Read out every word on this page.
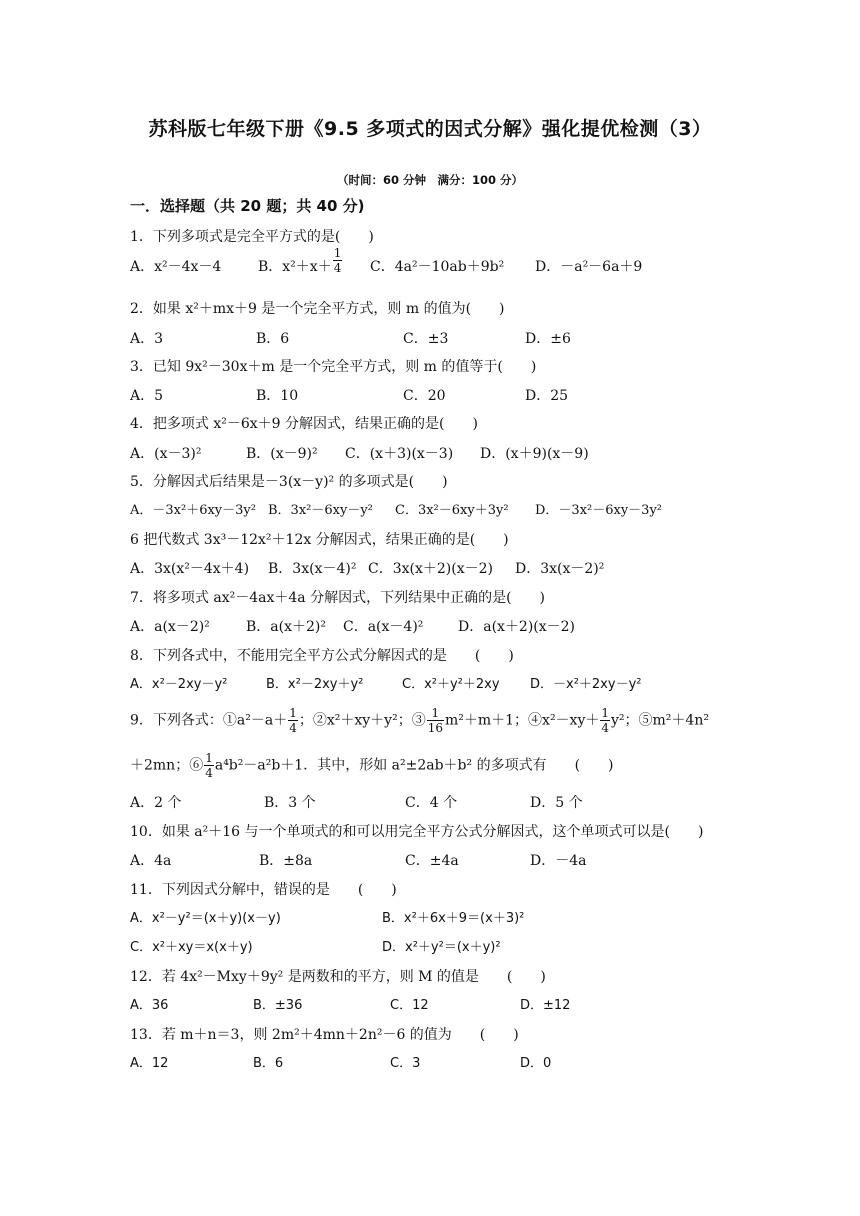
苏科版七年级下册《9.5 多项式的因式分解》强化提优检测（3）
（时间：60 分钟　满分：100 分）
一．选择题（共 20 题；共 40 分)
1．下列多项式是完全平方式的是(　　)
A．x²－4x－4	B．$x^2+x+ \frac{1}{4}$ C．4a²－10ab＋9b² D．－a²－6a＋9
2．如果 x²＋mx＋9 是一个完全平方式，则 m 的值为(　　)
A．3	B．6	C．±3	D．±6
3．已知 9x²－30x＋m 是一个完全平方式，则 m 的值等于(　　)
A．5	B．10	C．20	D．25
4．把多项式 x²－6x＋9 分解因式，结果正确的是(　　)
A．(x－3)²	B．(x－9)² C．(x＋3)(x－3) D．(x＋9)(x－9)
5．分解因式后结果是－3(x－y)² 的多项式是(　　)
A．－3x²＋6xy－3y² B．3x²－6xy－y² C．3x²－6xy＋3y² D．－3x²－6xy－3y²
6 把代数式 3x³－12x²＋12x 分解因式，结果正确的是(　　)
A．3x(x²－4x＋4) B．3x(x－4)² C．3x(x＋2)(x－2) D．3x(x－2)²
7．将多项式 ax²－4ax＋4a 分解因式，下列结果中正确的是(　　)
A．a(x－2)²	B．a(x＋2)² C．a(x－4)² D．a(x＋2)(x－2)
8．下列各式中，不能用完全平方公式分解因式的是　　(　　)
A．x²－2xy－y²	B．x²－2xy＋y²	C．x²＋y²＋2xy D．－x²＋2xy－y²
9．下列各式：①a²－a＋ $\frac{1}{4}$ ；②x²＋xy＋y²；③ $\frac{1}{16} m^2+m+1$；④x²－xy＋ $\frac{1}{4} y^2$；⑤m²＋4n²
＋2mn；⑥ $\frac{1}{4} a^4b^2-a^2b+1$．其中，形如 a²±2ab＋b² 的多项式有　　(　　)
A．2 个	B．3 个	C．4 个	D．5 个
10．如果 a²＋16 与一个单项式的和可以用完全平方公式分解因式，这个单项式可以是(　　)
A．4a	B．±8a	C．±4a	D．－4a
11．下列因式分解中，错误的是　　(　　)
A．x²－y²＝(x＋y)(x－y)	B．x²＋6x＋9＝(x＋3)²
C．x²＋xy＝x(x＋y)	D．x²＋y²＝(x＋y)²
12．若 4x²－Mxy＋9y² 是两数和的平方，则 M 的值是　　(　　)
A．36	B．±36	C．12	D．±12
13．若 m＋n＝3，则 2m²＋4mn＋2n²－6 的值为　　(　　)
A．12	B．6	C．3	D．0
